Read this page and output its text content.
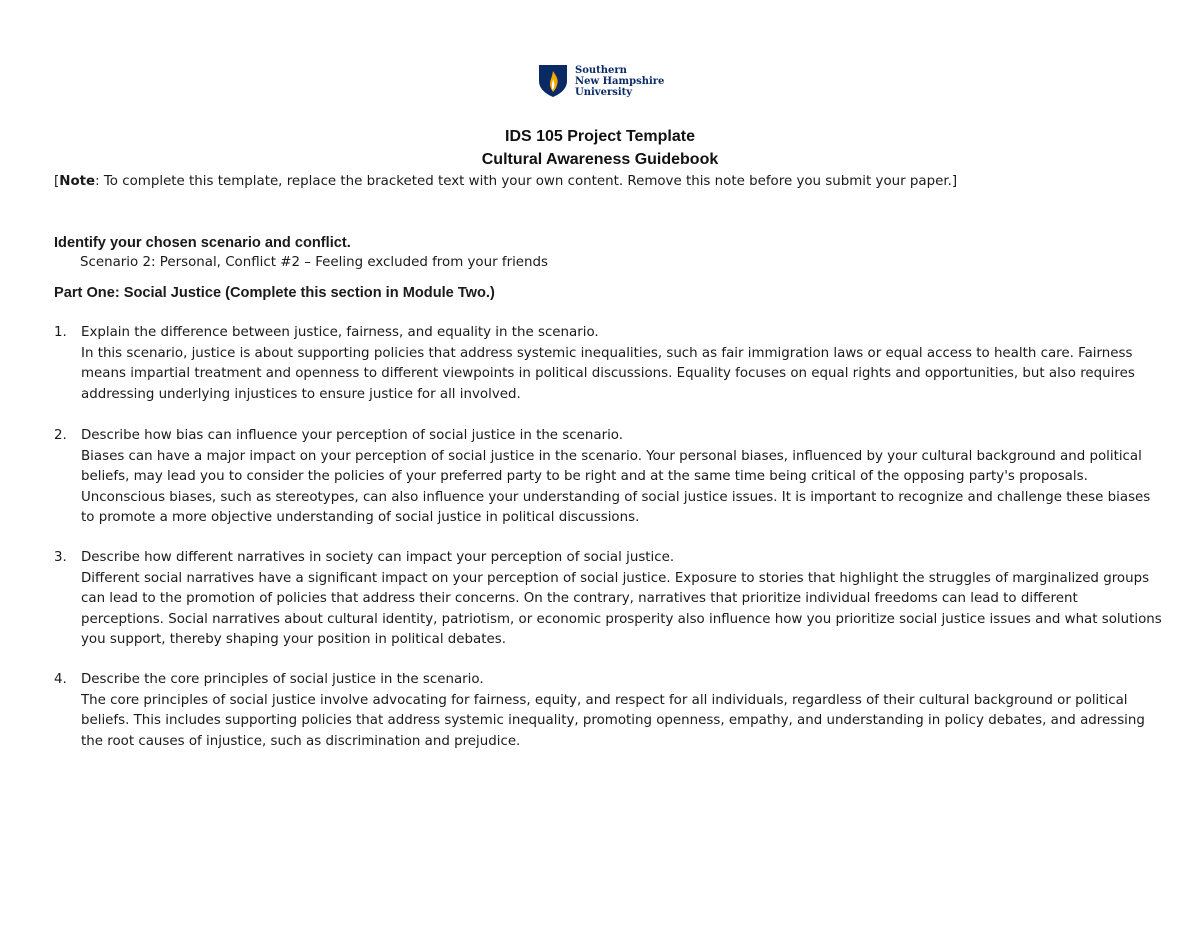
Southern
New Hampshire
University
IDS 105 Project Template
Cultural Awareness Guidebook
[Note: To complete this template, replace the bracketed text with your own content. Remove this note before you submit your paper.]
Identify your chosen scenario and conflict.
Scenario 2: Personal, Conflict #2 – Feeling excluded from your friends
Part One: Social Justice (Complete this section in Module Two.)
1. Explain the difference between justice, fairness, and equality in the scenario.
In this scenario, justice is about supporting policies that address systemic inequalities, such as fair immigration laws or equal access to health care. Fairness means impartial treatment and openness to different viewpoints in political discussions. Equality focuses on equal rights and opportunities, but also requires addressing underlying injustices to ensure justice for all involved.
2. Describe how bias can influence your perception of social justice in the scenario.
Biases can have a major impact on your perception of social justice in the scenario. Your personal biases, influenced by your cultural background and political beliefs, may lead you to consider the policies of your preferred party to be right and at the same time being critical of the opposing party's proposals. Unconscious biases, such as stereotypes, can also influence your understanding of social justice issues. It is important to recognize and challenge these biases to promote a more objective understanding of social justice in political discussions.
3. Describe how different narratives in society can impact your perception of social justice.
Different social narratives have a significant impact on your perception of social justice. Exposure to stories that highlight the struggles of marginalized groups can lead to the promotion of policies that address their concerns. On the contrary, narratives that prioritize individual freedoms can lead to different perceptions. Social narratives about cultural identity, patriotism, or economic prosperity also influence how you prioritize social justice issues and what solutions you support, thereby shaping your position in political debates.
4. Describe the core principles of social justice in the scenario.
The core principles of social justice involve advocating for fairness, equity, and respect for all individuals, regardless of their cultural background or political beliefs. This includes supporting policies that address systemic inequality, promoting openness, empathy, and understanding in policy debates, and adressing the root causes of injustice, such as discrimination and prejudice.
